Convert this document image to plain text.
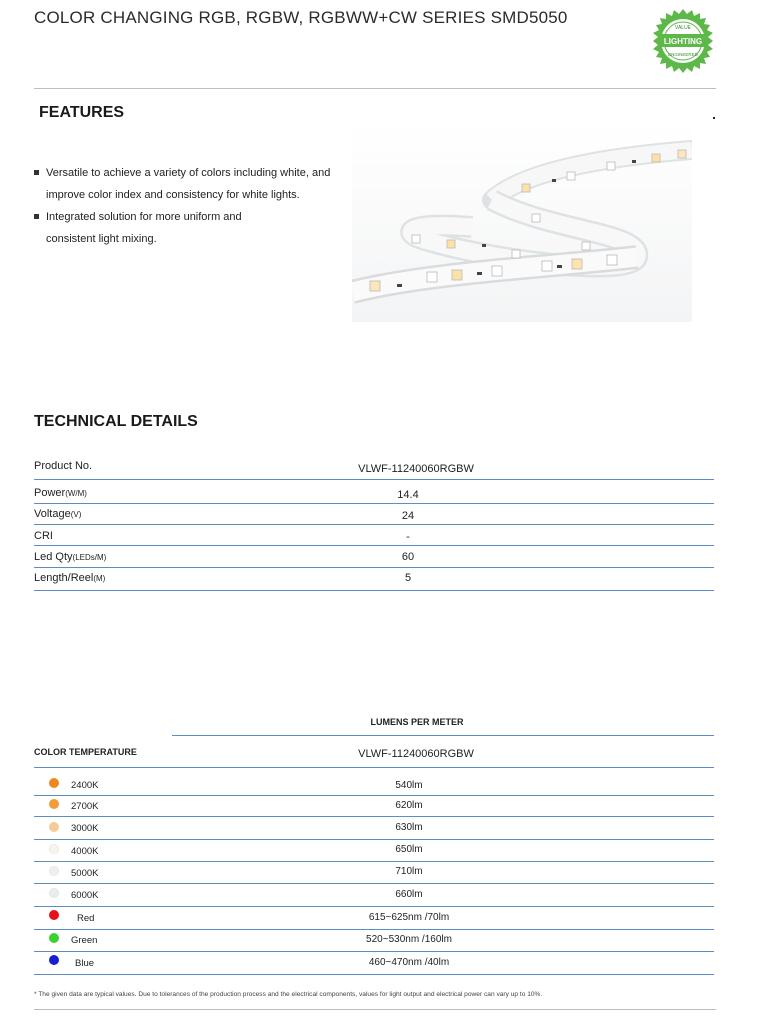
COLOR CHANGING RGB, RGBW, RGBWW+CW SERIES SMD5050
LIGHTING
VALUE
ENGINEERED
FEATURES
Versatile to achieve a variety of colors including white, and
improve color index and consistency for white lights.
Integrated solution for more uniform and
consistent light mixing.
TECHNICAL DETAILS
Product No.	VLWF-11240060RGBW
Power(W/M)	14.4
Voltage(V)	24
CRI	-
Led Qty(LEDs/M)	60
Length/Reel(M)	5
LUMENS PER METER
COLOR TEMPERATURE	VLWF-11240060RGBW
2400K	540lm
2700K	620lm
3000K	630lm
4000K	650lm
5000K	710lm
6000K	660lm
Red	615~625nm /70lm
Green	520~530nm /160lm
Blue	460~470nm /40lm
* The given data are typical values. Due to tolerances of the production process and the electrical components, values for light output and electrical power can vary up to 10%.
